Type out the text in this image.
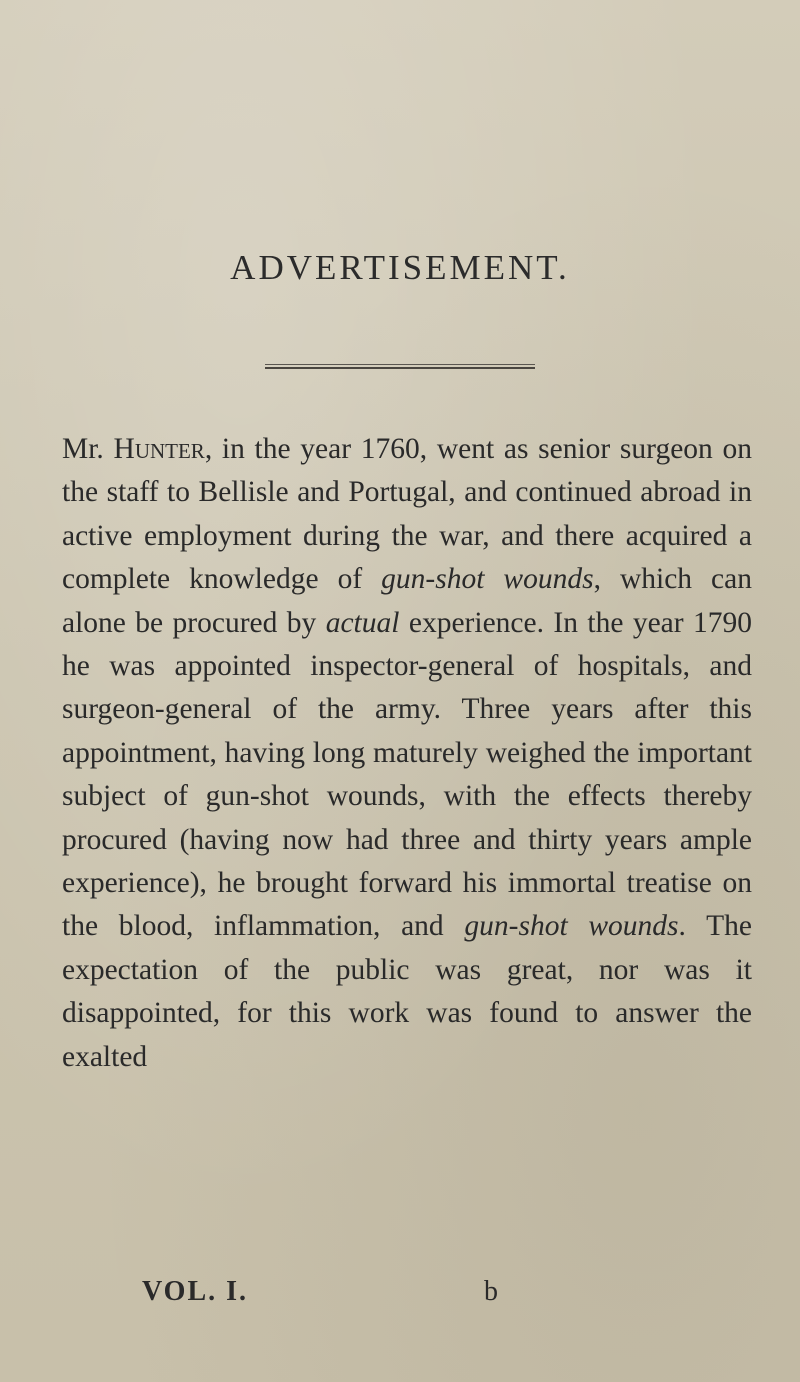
ADVERTISEMENT.

Mr. Hunter, in the year 1760, went as senior surgeon on the staff to Bellisle and Portugal, and continued abroad in active employment during the war, and there acquired a complete knowledge of gun-shot wounds, which can alone be procured by actual experience. In the year 1790 he was appointed inspector-general of hospitals, and surgeon-general of the army. Three years after this appointment, having long maturely weighed the important subject of gun-shot wounds, with the effects thereby procured (having now had three and thirty years ample experience), he brought forward his immortal treatise on the blood, inflammation, and gun-shot wounds. The expectation of the public was great, nor was it disappointed, for this work was found to answer the exalted

VOL. I.	b
